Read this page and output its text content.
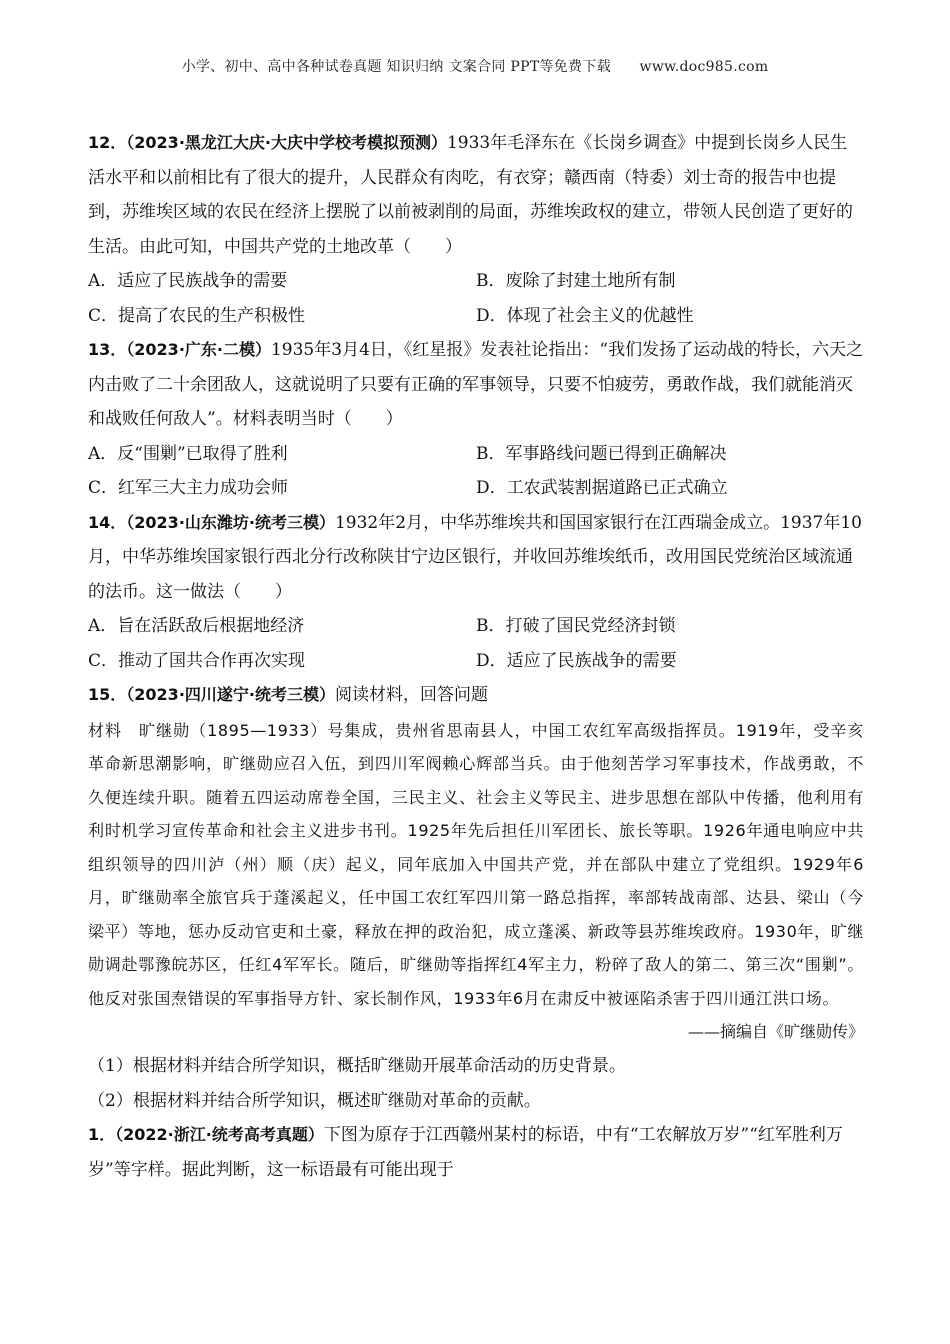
小学、初中、高中各种试卷真题 知识归纳 文案合同 PPT等免费下载 www.doc985.com
12．（2023·黑龙江大庆·大庆中学校考模拟预测）1933年毛泽东在《长岗乡调查》中提到长岗乡人民生活水平和以前相比有了很大的提升，人民群众有肉吃，有衣穿；赣西南（特委）刘士奇的报告中也提到，苏维埃区域的农民在经济上摆脱了以前被剥削的局面，苏维埃政权的建立，带领人民创造了更好的生活。由此可知，中国共产党的土地改革（　　）
A．适应了民族战争的需要	B．废除了封建土地所有制
C．提高了农民的生产积极性	D．体现了社会主义的优越性
13．（2023·广东·二模）1935年3月4日，《红星报》发表社论指出：“我们发扬了运动战的特长，六天之内击败了二十余团敌人，这就说明了只要有正确的军事领导，只要不怕疲劳，勇敢作战，我们就能消灭和战败任何敌人”。材料表明当时（　　）
A．反“围剿”已取得了胜利	B．军事路线问题已得到正确解决
C．红军三大主力成功会师	D．工农武装割据道路已正式确立
14．（2023·山东潍坊·统考三模）1932年2月，中华苏维埃共和国国家银行在江西瑞金成立。1937年10月，中华苏维埃国家银行西北分行改称陕甘宁边区银行，并收回苏维埃纸币，改用国民党统治区域流通的法币。这一做法（　　）
A．旨在活跃敌后根据地经济	B．打破了国民党经济封锁
C．推动了国共合作再次实现	D．适应了民族战争的需要
15．（2023·四川遂宁·统考三模）阅读材料，回答问题
材料　旷继勋（1895—1933）号集成，贵州省思南县人，中国工农红军高级指挥员。1919年，受辛亥革命新思潮影响，旷继勋应召入伍，到四川军阀赖心辉部当兵。由于他刻苦学习军事技术，作战勇敢，不久便连续升职。随着五四运动席卷全国，三民主义、社会主义等民主、进步思想在部队中传播，他利用有利时机学习宣传革命和社会主义进步书刊。1925年先后担任川军团长、旅长等职。1926年通电响应中共组织领导的四川泸（州）顺（庆）起义，同年底加入中国共产党，并在部队中建立了党组织。1929年6月，旷继勋率全旅官兵于蓬溪起义，任中国工农红军四川第一路总指挥，率部转战南部、达县、梁山（今梁平）等地，惩办反动官吏和土豪，释放在押的政治犯，成立蓬溪、新政等县苏维埃政府。1930年，旷继勋调赴鄂豫皖苏区，任红4军军长。随后，旷继勋等指挥红4军主力，粉碎了敌人的第二、第三次“围剿”。他反对张国焘错误的军事指导方针、家长制作风，1933年6月在肃反中被诬陷杀害于四川通江洪口场。
——摘编自《旷继勋传》
（1）根据材料并结合所学知识，概括旷继勋开展革命活动的历史背景。
（2）根据材料并结合所学知识，概述旷继勋对革命的贡献。
1．（2022·浙江·统考高考真题）下图为原存于江西赣州某村的标语，中有“工农解放万岁”“红军胜利万岁”等字样。据此判断，这一标语最有可能出现于
